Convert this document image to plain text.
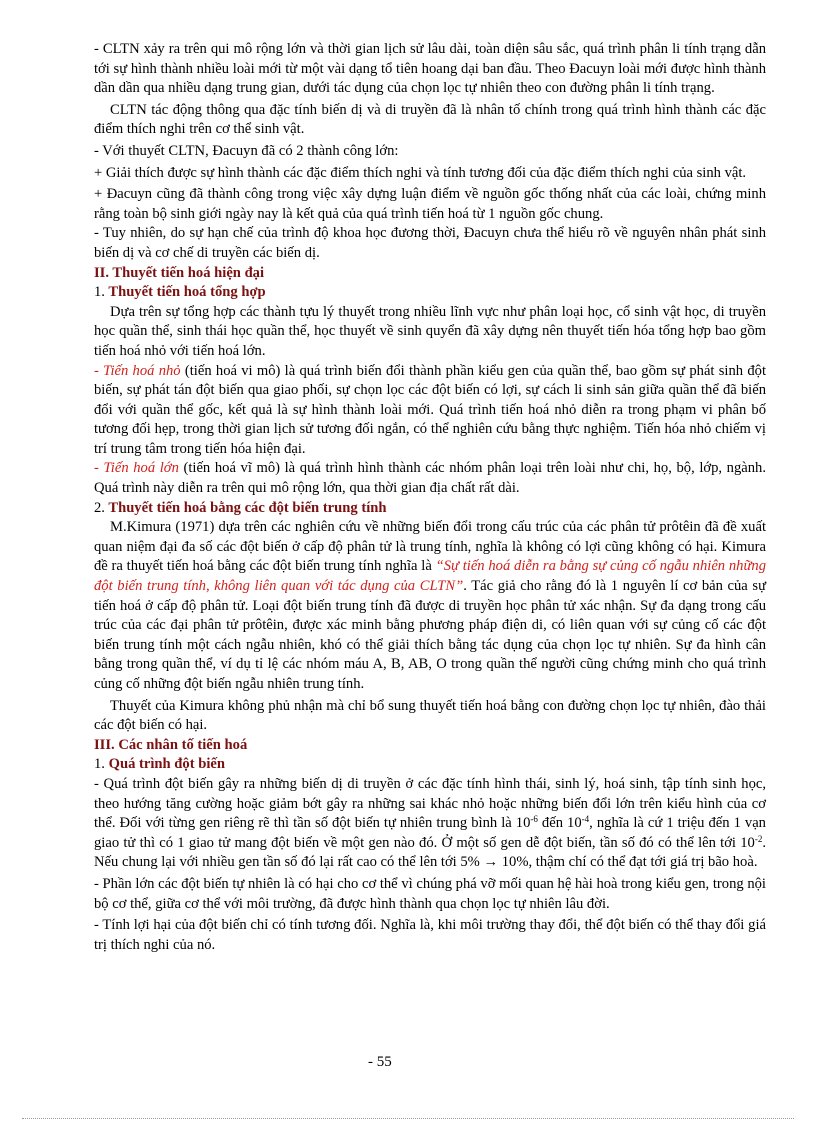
- CLTN xảy ra trên qui mô rộng lớn và thời gian lịch sử lâu dài, toàn diện sâu sắc, quá trình phân li tính trạng dẫn tới sự hình thành nhiều loài mới từ một vài dạng tổ tiên hoang dại ban đầu. Theo Đacuyn loài mới được hình thành dần dần qua nhiều dạng trung gian, dưới tác dụng của chọn lọc tự nhiên theo con đường phân li tính trạng.

CLTN tác động thông qua đặc tính biến dị và di truyền đã là nhân tố chính trong quá trình hình thành các đặc điểm thích nghi trên cơ thể sinh vật.

- Với thuyết CLTN, Đacuyn đã có 2 thành công lớn:

+ Giải thích được sự hình thành các đặc điểm thích nghi và tính tương đối của đặc điểm thích nghi của sinh vật.

+ Đacuyn cũng đã thành công trong việc xây dựng luận điểm về nguồn gốc thống nhất của các loài, chứng minh rằng toàn bộ sinh giới ngày nay là kết quả của quá trình tiến hoá từ 1 nguồn gốc chung.

- Tuy nhiên, do sự hạn chế của trình độ khoa học đương thời, Đacuyn chưa thể hiểu rõ về nguyên nhân phát sinh biến dị và cơ chế di truyền các biến dị.

II. Thuyết tiến hoá hiện đại
1. Thuyết tiến hoá tổng hợp

Dựa trên sự tổng hợp các thành tựu lý thuyết trong nhiều lĩnh vực như phân loại học, cổ sinh vật học, di truyền học quần thể, sinh thái học quần thể, học thuyết về sinh quyển đã xây dựng nên thuyết tiến hóa tổng hợp bao gồm tiến hoá nhỏ với tiến hoá lớn.

- Tiến hoá nhỏ (tiến hoá vi mô) là quá trình biến đổi thành phần kiểu gen của quần thể, bao gồm sự phát sinh đột biến, sự phát tán đột biến qua giao phối, sự chọn lọc các đột biến có lợi, sự cách li sinh sản giữa quần thể đã biến đổi với quần thể gốc, kết quả là sự hình thành loài mới. Quá trình tiến hoá nhỏ diễn ra trong phạm vi phân bố tương đối hẹp, trong thời gian lịch sử tương đối ngắn, có thể nghiên cứu bằng thực nghiệm. Tiến hóa nhỏ chiếm vị trí trung tâm trong tiến hóa hiện đại.

- Tiến hoá lớn (tiến hoá vĩ mô) là quá trình hình thành các nhóm phân loại trên loài như chi, họ, bộ, lớp, ngành. Quá trình này diễn ra trên qui mô rộng lớn, qua thời gian địa chất rất dài.

2. Thuyết tiến hoá bằng các đột biến trung tính

M.Kimura (1971) dựa trên các nghiên cứu về những biến đổi trong cấu trúc của các phân tử prôtêin đã đề xuất quan niệm đại đa số các đột biến ở cấp độ phân tử là trung tính, nghĩa là không có lợi cũng không có hại. Kimura đề ra thuyết tiến hoá bằng các đột biến trung tính nghĩa là “Sự tiến hoá diễn ra bằng sự củng cố ngẫu nhiên những đột biến trung tính, không liên quan với tác dụng của CLTN”. Tác giả cho rằng đó là 1 nguyên lí cơ bản của sự tiến hoá ở cấp độ phân tử. Loại đột biến trung tính đã được di truyền học phân tử xác nhận. Sự đa dạng trong cấu trúc của các đại phân tử prôtêin, được xác minh bằng phương pháp điện di, có liên quan với sự củng cố các đột biến trung tính một cách ngẫu nhiên, khó có thể giải thích bằng tác dụng của chọn lọc tự nhiên. Sự đa hình cân bằng trong quần thể, ví dụ tỉ lệ các nhóm máu A, B, AB, O trong quần thể người cũng chứng minh cho quá trình củng cố những đột biến ngẫu nhiên trung tính.

Thuyết của Kimura không phủ nhận mà chỉ bổ sung thuyết tiến hoá bằng con đường chọn lọc tự nhiên, đào thải các đột biến có hại.

III. Các nhân tố tiến hoá
1. Quá trình đột biến

- Quá trình đột biến gây ra những biến dị di truyền ở các đặc tính hình thái, sinh lý, hoá sinh, tập tính sinh học, theo hướng tăng cường hoặc giảm bớt gây ra những sai khác nhỏ hoặc những biến đổi lớn trên kiểu hình của cơ thể. Đối với từng gen riêng rẽ thì tần số đột biến tự nhiên trung bình là $10^{-6}$ đến $10^{-4}$, nghĩa là cứ 1 triệu đến 1 vạn giao tử thì có 1 giao tử mang đột biến về một gen nào đó. Ở một số gen dễ đột biến, tần số đó có thể lên tới $10^{-2}$. Nếu chung lại với nhiều gen tần số đó lại rất cao có thể lên tới 5% → 10%, thậm chí có thể đạt tới giá trị bão hoà.

- Phần lớn các đột biến tự nhiên là có hại cho cơ thể vì chúng phá vỡ mối quan hệ hài hoà trong kiểu gen, trong nội bộ cơ thể, giữa cơ thể với môi trường, đã được hình thành qua chọn lọc tự nhiên lâu đời.

- Tính lợi hại của đột biến chỉ có tính tương đối. Nghĩa là, khi môi trường thay đổi, thể đột biến có thể thay đổi giá trị thích nghi của nó.

- 55
